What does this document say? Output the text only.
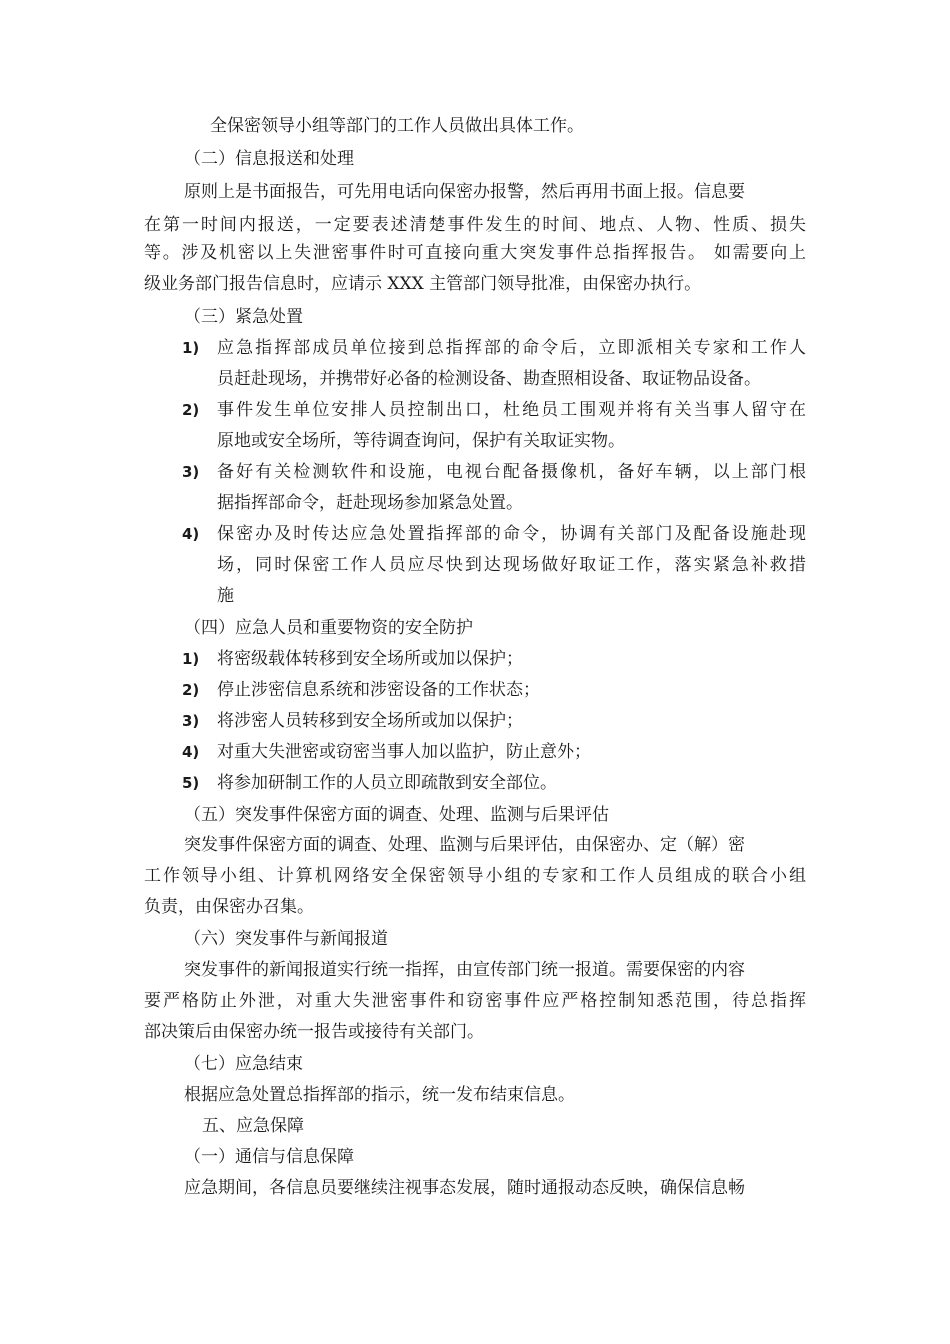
全保密领导小组等部门的工作人员做出具体工作。
（二）信息报送和处理
原则上是书面报告，可先用电话向保密办报警，然后再用书面上报。信息要
在第一时间内报送，一定要表述清楚事件发生的时间、地点、人物、性质、损失
等。涉及机密以上失泄密事件时可直接向重大突发事件总指挥报告。 如需要向上
级业务部门报告信息时，应请示 XXX 主管部门领导批准，由保密办执行。
（三）紧急处置
1) 应急指挥部成员单位接到总指挥部的命令后，立即派相关专家和工作人
员赶赴现场，并携带好必备的检测设备、勘查照相设备、取证物品设备。
2) 事件发生单位安排人员控制出口，杜绝员工围观并将有关当事人留守在
原地或安全场所，等待调查询问，保护有关取证实物。
3) 备好有关检测软件和设施，电视台配备摄像机，备好车辆，以上部门根
据指挥部命令，赶赴现场参加紧急处置。
4) 保密办及时传达应急处置指挥部的命令，协调有关部门及配备设施赴现
场，同时保密工作人员应尽快到达现场做好取证工作，落实紧急补救措
施
（四）应急人员和重要物资的安全防护
1) 将密级载体转移到安全场所或加以保护；
2) 停止涉密信息系统和涉密设备的工作状态；
3) 将涉密人员转移到安全场所或加以保护；
4) 对重大失泄密或窃密当事人加以监护，防止意外；
5) 将参加研制工作的人员立即疏散到安全部位。
（五）突发事件保密方面的调查、处理、监测与后果评估
突发事件保密方面的调查、处理、监测与后果评估，由保密办、定（解）密
工作领导小组、计算机网络安全保密领导小组的专家和工作人员组成的联合小组
负责，由保密办召集。
（六）突发事件与新闻报道
突发事件的新闻报道实行统一指挥，由宣传部门统一报道。需要保密的内容
要严格防止外泄，对重大失泄密事件和窃密事件应严格控制知悉范围，待总指挥
部决策后由保密办统一报告或接待有关部门。
（七）应急结束
根据应急处置总指挥部的指示，统一发布结束信息。
五、应急保障
（一）通信与信息保障
应急期间，各信息员要继续注视事态发展，随时通报动态反映，确保信息畅
